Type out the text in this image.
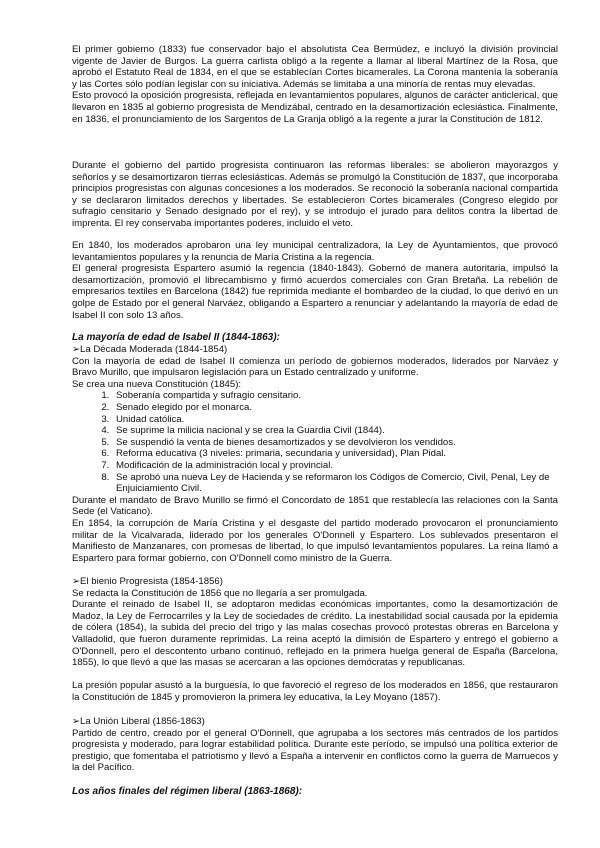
El primer gobierno (1833) fue conservador bajo el absolutista Cea Bermúdez, e incluyó la división provincial vigente de Javier de Burgos. La guerra carlista obligó a la regente a llamar al liberal Martínez de la Rosa, que aprobó el Estatuto Real de 1834, en el que se establecían Cortes bicamerales. La Corona mantenía la soberanía y las Cortes sólo podían legislar con su iniciativa. Además se limitaba a una minoría de rentas muy elevadas.

Esto provocó la oposición progresista, reflejada en levantamientos populares, algunos de carácter anticlerical, que llevaron en 1835 al gobierno progresista de Mendizábal, centrado en la desamortización eclesiástica. Finalmente, en 1836, el pronunciamiento de los Sargentos de La Granja obligó a la regente a jurar la Constitución de 1812.

Durante el gobierno del partido progresista continuaron las reformas liberales: se abolieron mayorazgos y señoríos y se desamortizaron tierras eclesiásticas. Además se promulgó la Constitución de 1837, que incorporaba principios progresistas con algunas concesiones a los moderados. Se reconoció la soberanía nacional compartida y se declararon limitados derechos y libertades. Se establecieron Cortes bicamerales (Congreso elegido por sufragio censitario y Senado designado por el rey), y se introdujo el jurado para delitos contra la libertad de imprenta. El rey conservaba importantes poderes, incluido el veto.

En 1840, los moderados aprobaron una ley municipal centralizadora, la Ley de Ayuntamientos, que provocó levantamientos populares y la renuncia de María Cristina a la regencia.

El general progresista Espartero asumió la regencia (1840-1843). Gobernó de manera autoritaria, impulsó la desamortización, promovió el librecambismo y firmó acuerdos comerciales con Gran Bretaña. La rebelión de empresarios textiles en Barcelona (1842) fue reprimida mediante el bombardeo de la ciudad, lo que derivó en un golpe de Estado por el general Narváez, obligando a Espartero a renunciar y adelantando la mayoría de edad de Isabel II con solo 13 años.

La mayoría de edad de Isabel II (1844-1863):

➢La Década Moderada (1844-1854)

Con la mayoría de edad de Isabel II comienza un período de gobiernos moderados, liderados por Narváez y Bravo Murillo, que impulsaron legislación para un Estado centralizado y uniforme.

Se crea una nueva Constitución (1845):

1. Soberanía compartida y sufragio censitario.
2. Senado elegido por el monarca.
3. Unidad católica.
4. Se suprime la milicia nacional y se crea la Guardia Civil (1844).
5. Se suspendió la venta de bienes desamortizados y se devolvieron los vendidos.
6. Reforma educativa (3 niveles: primaria, secundaria y universidad), Plan Pidal.
7. Modificación de la administración local y provincial.
8. Se aprobó una nueva Ley de Hacienda y se reformaron los Códigos de Comercio, Civil, Penal, Ley de Enjuiciamiento Civil.

Durante el mandato de Bravo Murillo se firmó el Concordato de 1851 que restablecía las relaciones con la Santa Sede (el Vaticano).

En 1854, la corrupción de María Cristina y el desgaste del partido moderado provocaron el pronunciamiento militar de la Vicalvarada, liderado por los generales O'Donnell y Espartero. Los sublevados presentaron el Manifiesto de Manzanares, con promesas de libertad, lo que impulsó levantamientos populares. La reina llamó a Espartero para formar gobierno, con O'Donnell como ministro de la Guerra.

➢El bienio Progresista (1854-1856)

Se redacta la Constitución de 1856 que no llegaría a ser promulgada.

Durante el reinado de Isabel II, se adoptaron medidas económicas importantes, como la desamortización de Madoz, la Ley de Ferrocarriles y la Ley de sociedades de crédito. La inestabilidad social causada por la epidemia de cólera (1854), la subida del precio del trigo y las malas cosechas provocó protestas obreras en Barcelona y Valladolid, que fueron duramente reprimidas. La reina aceptó la dimisión de Espartero y entregó el gobierno a O'Donnell, pero el descontento urbano continuó, reflejado en la primera huelga general de España (Barcelona, 1855), lo que llevó a que las masas se acercaran a las opciones demócratas y republicanas.

La presión popular asustó a la burguesía, lo que favoreció el regreso de los moderados en 1856, que restauraron la Constitución de 1845 y promovieron la primera ley educativa, la Ley Moyano (1857).

➢La Unión Liberal (1856-1863)

Partido de centro, creado por el general O'Donnell, que agrupaba a los sectores más centrados de los partidos progresista y moderado, para lograr estabilidad política. Durante este período, se impulsó una política exterior de prestigio, que fomentaba el patriotismo y llevó a España a intervenir en conflictos como la guerra de Marruecos y la del Pacífico.

Los años finales del régimen liberal (1863-1868):
